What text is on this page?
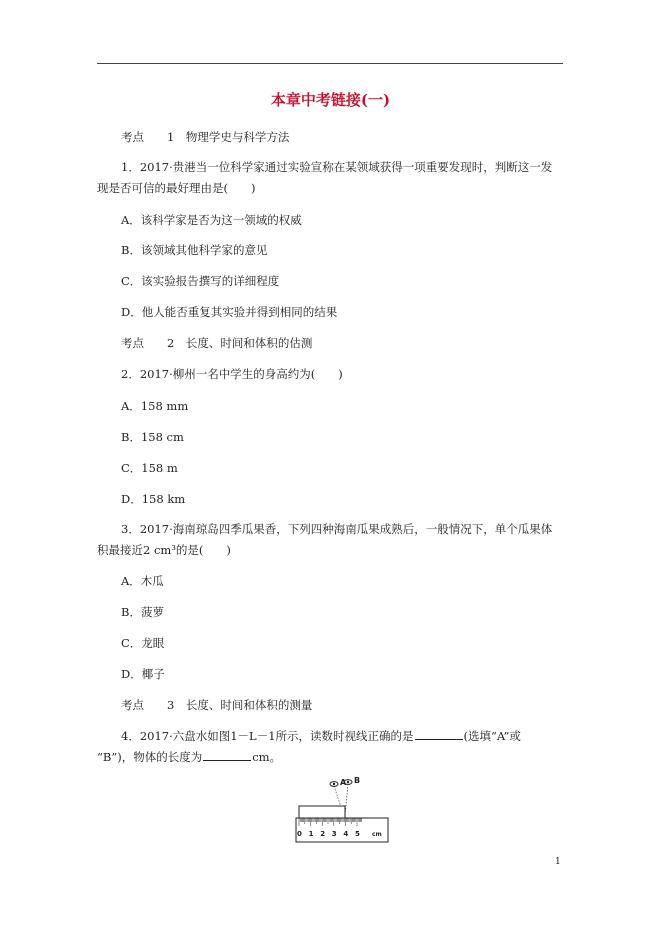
本章中考链接(一)
考点　　1　物理学史与科学方法
1．2017·贵港当一位科学家通过实验宣称在某领域获得一项重要发现时，判断这一发
现是否可信的最好理由是(　　)
A．该科学家是否为这一领域的权威
B．该领域其他科学家的意见
C．该实验报告撰写的详细程度
D．他人能否重复其实验并得到相同的结果
考点　　2　长度、时间和体积的估测
2．2017·柳州一名中学生的身高约为(　　)
A．158 mm
B．158 cm
C．158 m
D．158 km
3．2017·海南琼岛四季瓜果香，下列四种海南瓜果成熟后，一般情况下，单个瓜果体
积最接近2 cm³的是(　　)
A．木瓜
B．菠萝
C．龙眼
D．椰子
考点　　3　长度、时间和体积的测量
4．2017·六盘水如图1－L－1所示，读数时视线正确的是	(选填“A”或
“B”)，物体的长度为	cm。
A B
0 1 2 3 4 5 cm
1
